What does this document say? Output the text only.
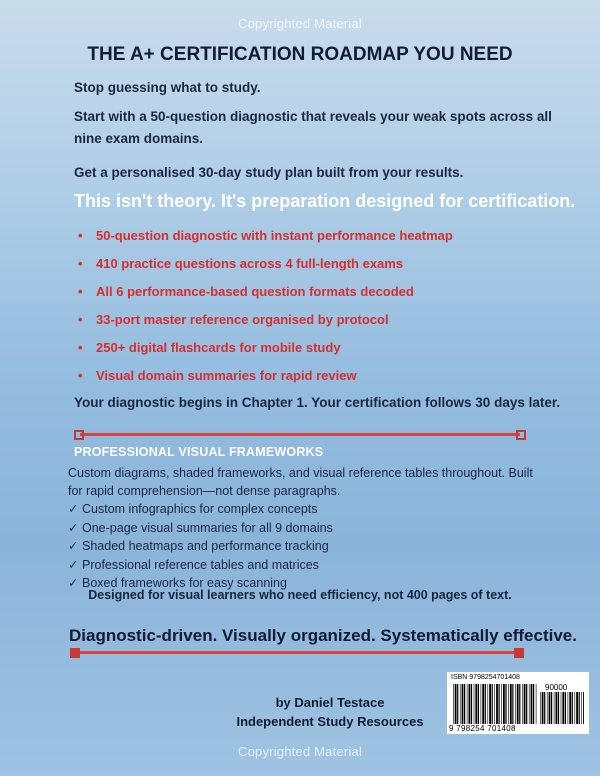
Copyrighted Material
THE A+ CERTIFICATION ROADMAP YOU NEED
Stop guessing what to study.
Start with a 50-question diagnostic that reveals your weak spots across all nine exam domains.
Get a personalised 30-day study plan built from your results.
This isn't theory. It's preparation designed for certification.
• 50-question diagnostic with instant performance heatmap
• 410 practice questions across 4 full-length exams
• All 6 performance-based question formats decoded
• 33-port master reference organised by protocol
• 250+ digital flashcards for mobile study
• Visual domain summaries for rapid review
Your diagnostic begins in Chapter 1. Your certification follows 30 days later.
PROFESSIONAL VISUAL FRAMEWORKS
Custom diagrams, shaded frameworks, and visual reference tables throughout. Built for rapid comprehension—not dense paragraphs.
✓ Custom infographics for complex concepts
✓ One-page visual summaries for all 9 domains
✓ Shaded heatmaps and performance tracking
✓ Professional reference tables and matrices
✓ Boxed frameworks for easy scanning
Designed for visual learners who need efficiency, not 400 pages of text.
Diagnostic-driven. Visually organized. Systematically effective.
by Daniel Testace
Independent Study Resources
ISBN 9798254701408
90000
9 798254 701408
Copyrighted Material
